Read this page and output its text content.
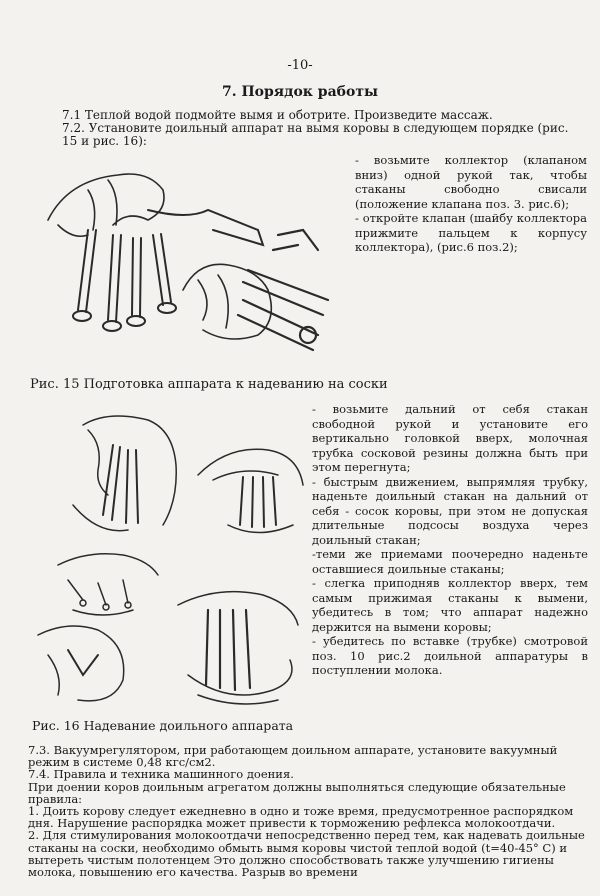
-10-
7. Порядок работы
7.1 Теплой водой подмойте вымя и оботрите. Произведите массаж.
7.2. Установите доильный аппарат на вымя коровы в следующем порядке (рис. 15 и рис. 16):

- возьмите коллектор (клапаном вниз) одной рукой так, чтобы стаканы свободно свисали (положение клапана поз. 3. рис.6);

- откройте клапан (шайбу коллектора прижмите пальцем к корпусу коллектора), (рис.6 поз.2);

Рис. 15 Подготовка аппарата к надеванию на соски

- возьмите дальний от себя стакан свободной рукой и установите его вертикально головкой вверх, молочная трубка сосковой резины должна быть при этом перегнута;

- быстрым движением, выпрямляя трубку, наденьте доильный стакан на дальний от себя - сосок коровы, при этом не допуская длительные подсосы воздуха через доильный стакан;

-теми же приемами поочередно наденьте оставшиеся доильные стаканы;

- слегка приподняв коллектор вверх, тем самым прижимая стаканы к вымени, убедитесь в том; что аппарат надежно держится на вымени коровы;

- убедитесь по вставке (трубке) смотровой поз. 10 рис.2 доильной аппаратуры в поступлении молока.

Рис. 16 Надевание доильного аппарата

7.3. Вакуумрегулятором, при работающем доильном аппарате, установите вакуумный режим в системе 0,48 кгс/см2.

7.4. Правила и техника машинного доения.

При доении коров доильным агрегатом должны выполняться следующие обязательные правила:

1. Доить корову следует ежедневно в одно и тоже время, предусмотренное распорядком дня. Нарушение распорядка может привести к торможению рефлекса молокоотдачи.

2. Для стимулирования молокоотдачи непосредственно перед тем, как надевать доильные стаканы на соски, необходимо обмыть вымя коровы чистой теплой водой (t=40-45° С) и вытереть чистым полотенцем Это должно способствовать также улучшению гигиены молока, повышению его качества. Разрыв во времени
